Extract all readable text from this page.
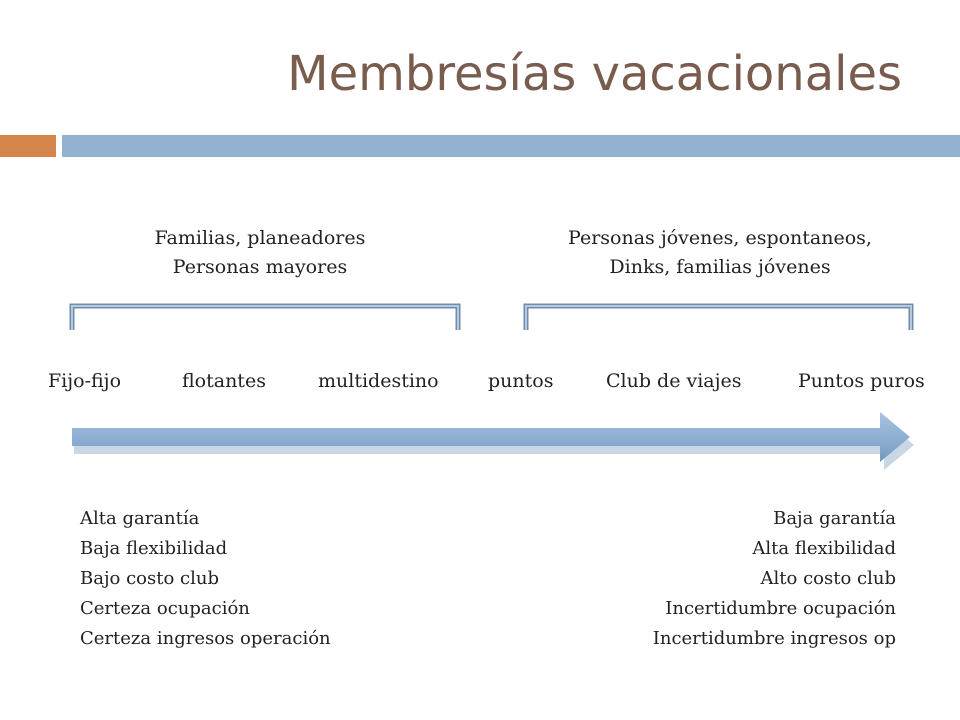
Membresías vacacionales
Familias, planeadores
Personas mayores
Personas jóvenes, espontaneos,
Dinks, familias jóvenes
Fijo-fijo	flotantes	multidestino	puntos	Club de viajes	Puntos puros
Alta garantía
Baja flexibilidad
Bajo costo club
Certeza ocupación
Certeza ingresos operación
Baja garantía
Alta flexibilidad
Alto costo club
Incertidumbre ocupación
Incertidumbre ingresos op
